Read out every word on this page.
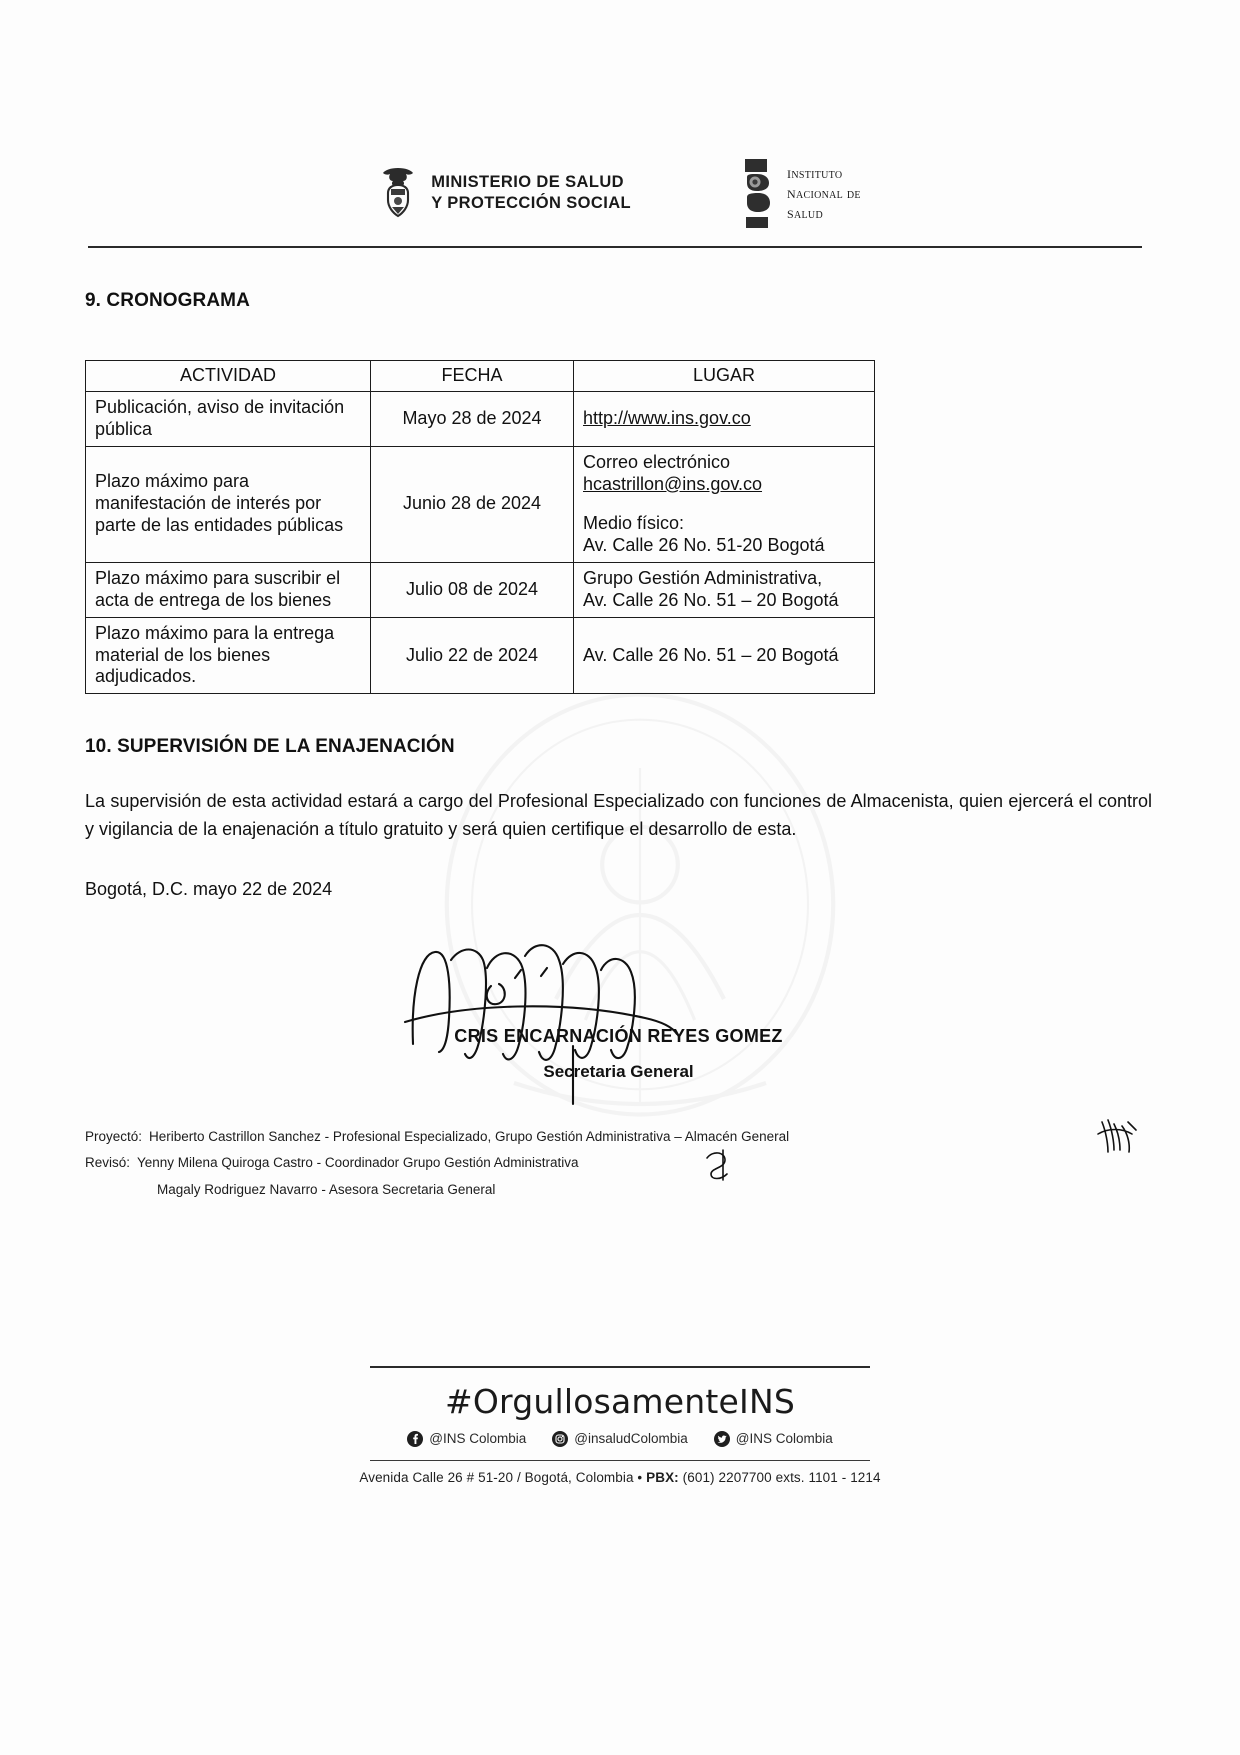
MINISTERIO DE SALUD
Y PROTECCIÓN SOCIAL
instituto
nacional de
salud
9. CRONOGRAMA
ACTIVIDAD	FECHA	LUGAR
Publicación, aviso de invitación pública	Mayo 28 de 2024	http://www.ins.gov.co
Plazo máximo para manifestación de interés por parte de las entidades públicas	Junio 28 de 2024	Correo electrónico
hcastrillon@ins.gov.co
Medio físico:
Av. Calle 26 No. 51-20 Bogotá
Plazo máximo para suscribir el acta de entrega de los bienes	Julio 08 de 2024	Grupo Gestión Administrativa,
Av. Calle 26 No. 51 – 20 Bogotá
Plazo máximo para la entrega material de los bienes adjudicados.	Julio 22 de 2024	Av. Calle 26 No. 51 – 20 Bogotá
10. SUPERVISIÓN DE LA ENAJENACIÓN

La supervisión de esta actividad estará a cargo del Profesional Especializado con funciones de Almacenista, quien ejercerá el control y vigilancia de la enajenación a título gratuito y será quien certifique el desarrollo de esta.

Bogotá, D.C. mayo 22 de 2024

CRIS ENCARNACIÓN REYES GOMEZ
Secretaria General
Proyectó: Heriberto Castrillon Sanchez - Profesional Especializado, Grupo Gestión Administrativa – Almacén General
Revisó: Yenny Milena Quiroga Castro - Coordinador Grupo Gestión Administrativa
Magaly Rodriguez Navarro - Asesora Secretaria General
#OrgullosamenteINS
@INS Colombia	@insaludColombia	@INS Colombia
Avenida Calle 26 # 51-20 / Bogotá, Colombia • PBX: (601) 2207700 exts. 1101 - 1214
